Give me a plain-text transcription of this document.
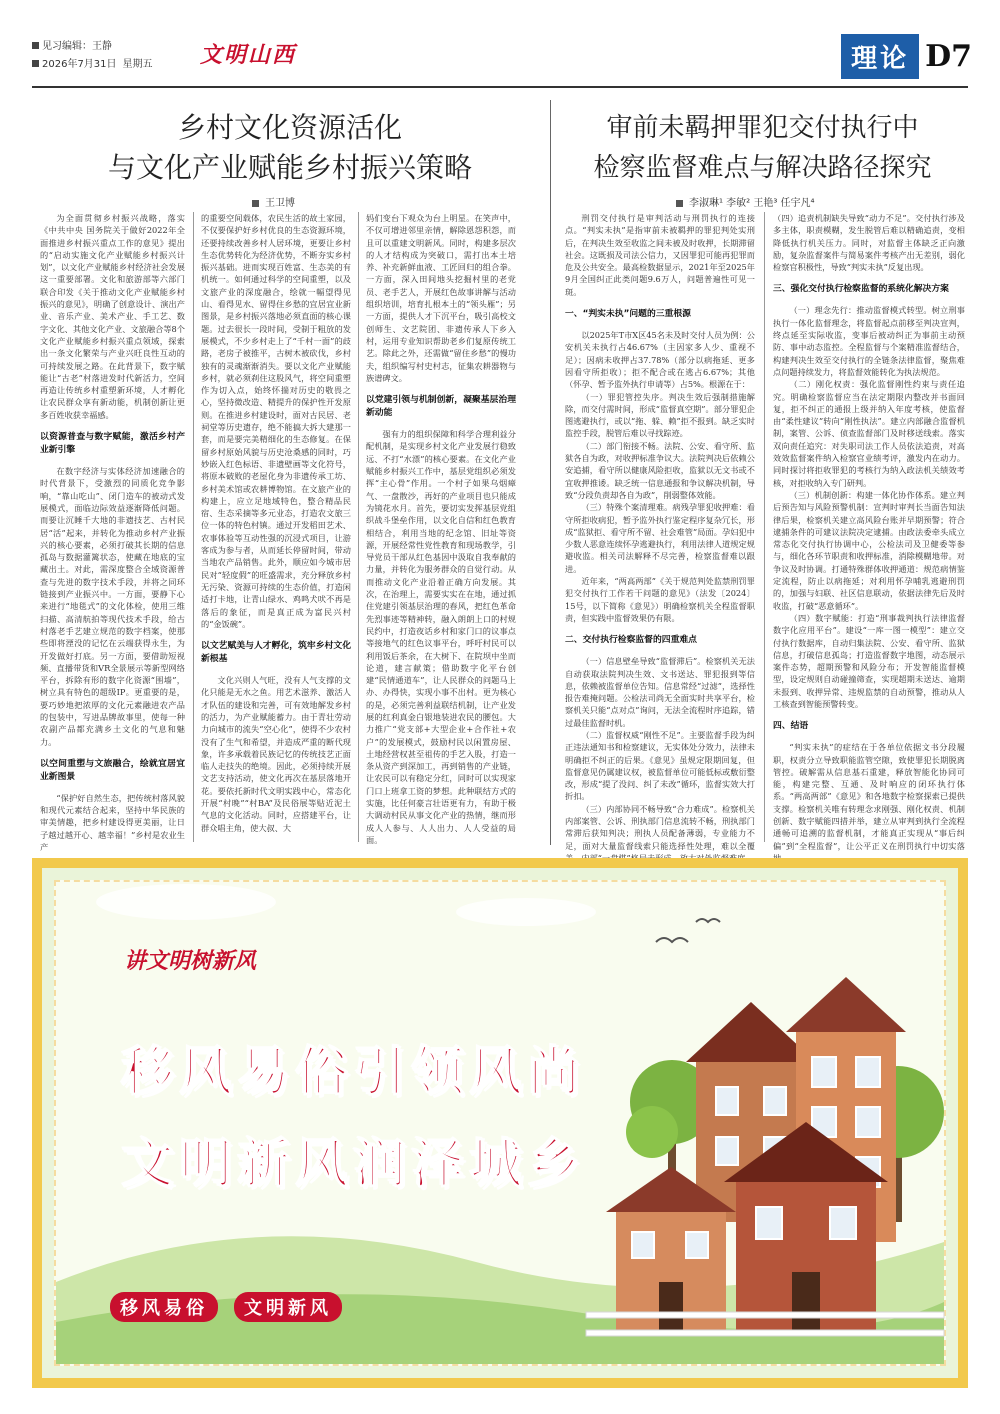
见习编辑：王静
2026年7月31日 星期五 文明山西	理论 D7
乡村文化资源活化
与文化产业赋能乡村振兴策略
王卫博

为全面贯彻乡村振兴战略，落实《中共中央 国务院关于做好2022年全面推进乡村振兴重点工作的意见》提出的“启动实施文化产业赋能乡村振兴计划”，以文化产业赋能乡村经济社会发展这一重要部署。文化和旅游部等六部门联合印发《关于推动文化产业赋能乡村振兴的意见》，明确了创意设计、演出产业、音乐产业、美术产业、手工艺、数字文化、其他文化产业、文旅融合等8个文化产业赋能乡村振兴重点领域，探索出一条文化繁荣与产业兴旺良性互动的可持续发展之路。在此背景下，数字赋能让“古老”村落进发时代新活力，空间再造让传统乡村重塑新环境，人才孵化让农民群众享有新动能，机制创新让更多百姓收获幸福感。

以资源普查与数字赋能，激活乡村产业新引擎

在数字经济与实体经济加速融合的时代背景下，受激烈的同质化竞争影响，“靠山吃山”、闭门造车的被动式发展模式，面临边际效益逐渐降低问题。而要让沉睡千大地的非遗技艺、古村民居“活”起来，并转化为推动乡村产业振兴的核心要素，必须打破其长期的信息孤岛与数据灌篱状态，使藏在地底的宝藏出土。对此，需深度整合全域资源普查与先进的数字技术手段，并将之同环链接到产业振兴中。一方面，要静下心来进行“地毯式”的文化体检，使用三维扫描、高清航拍等现代技术手段，给古村落老手艺建立规范的数字档案，使那些即将湮没的记忆在云端获得永生，为开发做好打底。另一方面，要借助短视频、直播带货和VR全景展示等新型网络平台，拆除有形的数字化资源“围墙”，树立具有特色的超级IP。更重要的是，要巧妙地把浓厚的文化元素融进农产品的包装中，写进品牌故事里，使每一种农副产品都充满乡土文化的气息和魅力。

以空间重塑与文旅融合，绘就宜居宜业新图景

“保护好自然生态，把传统村落风貌和现代元素结合起来，坚持中华民族的审美情趣，把乡村建设得更美丽，让日子越过越开心、越幸福！”乡村是农业生产

的重要空间载体，农民生活的故土家园，不仅要保护好乡村优良的生态资源环境，还要持续改善乡村人居环境，更要让乡村生态优势转化为经济优势，不断夯实乡村振兴基础。进而实现百姓富、生态美的有机统一。如何通过科学的空间重塑，以及文旅产业的深度融合，绘就一幅望得见山、看得见水、留得住乡愁的宜居宜业新图景，是乡村振兴落地必须直面的核心课题。过去很长一段时间，受制于粗放的发展模式，不少乡村走上了“千村一面”的歧路，老房子被推平，古树木被砍伐，乡村独有的灵魂渐渐消失。要以文化产业赋能乡村，就必须刹住这股风气，将空间重塑作为切入点，始终怀揣对历史的敬畏之心，坚持微改造、精提升的保护性开发原则。在推进乡村建设时，面对古民居、老祠堂等历史遗存，绝不能搞大拆大建那一套，而是要完美精细化的生态修复。在保留乡村原始风貌与历史沧桑感的同时，巧妙嵌入红色标语、非遗壁画等文化符号，将原本破败的老屋化身为非遗传承工坊、乡村美术馆或农耕博物馆。在文旅产业的构建上，应立足地域特色，整合精品民宿、生态采摘等多元业态，打造农文旅三位一体的特色村镇。通过开发稻田艺术、农事体验等互动性强的沉浸式项目，让游客成为参与者，从而延长停留时间，带动当地农产品销售。此外，顺应如今城市居民对“轻度假”的旺盛需求，充分释放乡村无污染、资源可持续的生态价值，打造闲适打卡地，让青山绿水、鸡鸣犬吠不再是落后的象征，而是真正成为富民兴村的“金饭碗”。

以文艺赋美与人才孵化，筑牢乡村文化新根基

文化兴则人气旺，没有人气支撑的文化只能是无水之鱼。用艺术滋养、激活人才队伍的建设和完善，可有效地解发乡村的活力，为产业赋能蓄力。由于青壮劳动力向城市的流失“空心化”，使得不少农村没有了生气和希望，并造成严重的断代现象，许多承载着民族记忆的传统技艺正面临人走技失的绝境。因此，必须持续开展文艺支持活动，使文化再次在基层落地开花。要依托新时代文明实践中心，常态化开展“村晚”“村BA”及民俗展等贴近泥土气息的文化活动。同时，应搭建平台，让群众唱主角，使大叔、大

妈们变台下观众为台上明星。在笑声中，不仅可增进邻里亲情，解除恩怨积怨，而且可以重建文明新风。同时，构建多层次的人才结构成为突破口，需打出本土培养、补充新鲜血液、工匠回归的组合拳。一方面，深入田间地头挖掘村里的老党员、老手艺人，开展红色故事讲解与活动组织培训，培育扎根本土的“领头雁”；另一方面，提供人才下沉平台，吸引高校文创师生、文艺院团、非遗传承人下乡入村，运用专业知识帮助老乡们复原传统工艺。除此之外，还需做“留住乡愁”的慢功夫，组织编写村史村志，征集农耕器物与族谱碑文。

以党建引领与机制创新，凝聚基层治理新动能

强有力的组织保障和科学合理利益分配机制，是实现乡村文化产业发展行稳致远、不打“水漂”的核心要素。在文化产业赋能乡村振兴工作中，基层党组织必须发挥“主心骨”作用。一个村子如果乌烟瘴气、一盘散沙，再好的产业项目也只能成为镜花水月。首先，要切实发挥基层党组织战斗堡垒作用，以文化自信和红色教育相结合，利用当地的纪念馆、旧址等资源，开展经常性党性教育和现场教学，引导党员干部从红色基因中汲取自我奉献的力量，并转化为服务群众的自觉行动。从而推动文化产业沿着正确方向发展。其次，在治理上，需要实实在在地，通过抓住党建引领基层治理的春风，把红色革命先烈事迹等精神转，融入朗朗上口的村规民约中，打造夜话乡村和家门口的议事点等接地气的红色议事平台，呼吁村民可以利用饭后茶余，在大树下、在院坝中坐而论道，建言献策；借助数字化平台创建“民情通道车”，让人民群众的问题马上办、办得快，实现小事不出村。更为核心的是，必须完善利益联结机制，让产业发展的红利真金白银地装进农民的腰包。大力推广“党支部+大型企业+合作社+农户”的发展模式，鼓励村民以闲置房屋、土地经营权甚至祖传的手艺入股，打造一条从资产到深加工，再到销售的产业链，让农民可以有稳定分红，同时可以实现家门口上班拿工资的梦想。此种联结方式的实施，比任何豪言壮语更有力，有助于极大调动村民从事文化产业的热情，继而形成人人参与、人人出力、人人受益的局面。

审前未羁押罪犯交付执行中
检察监督难点与解决路径探究
李淑琳¹ 李敏² 王艳³ 任宇凡⁴

刑罚交付执行是审判活动与刑罚执行的连接点。“判实未执”是指审前未被羁押的罪犯判处实刑后，在判决生效至收监之间未被及时收押，长期滞留社会。这既损及司法公信力，又因罪犯可能再犯罪而危及公共安全。最高检数据显示，2021年至2025年9月全国纠正此类问题9.6万人，问题普遍性可见一斑。

一、“判实未执”问题的三重根源

以2025年T市X区45名未及时交付人员为例：公安机关未执行占46.67%（主因家多人少、重视不足）；因病未收押占37.78%（部分以病拖延、更多因看守所拒收）；拒不配合或在逃占6.67%；其他（怀孕、暂予监外执行申请等）占5%。根源在于：

（一）罪犯管控失序。判决生效后强制措施解除，而交付需时间，形成“监督真空期”。部分罪犯企图逃避执行，或以“拖、躲、赖”拒不报到。缺乏实时监控手段，脱管后难以寻找踪迹。

（二）部门衔接不畅。法院、公安、看守所、监狱各自为政，对收押标准争议大。法院判决后依赖公安追捕，看守所以健康风险拒收，监狱以无文书或不宜收押推诿。缺乏统一信息通报和争议解决机制，导致“分段负责却各自为政”，削弱整体效能。

（三）特殊个案清理难。病残孕罪犯收押难：看守所拒收病犯，暂予监外执行鉴定程序复杂冗长，形成“监狱拒、看守所不留、社会难管”局面。孕妇犯中少数人恶意连续怀孕逃避执行，利用法律人道规定规避收监。相关司法解释不尽完善，检察监督难以跟进。

近年来，“两高两部”《关于规范判处监禁刑罚罪犯交付执行工作若干问题的意见》（法发〔2024〕15号，以下简称《意见》）明确检察机关全程监督职责，但实践中监督效果仍有限。

二、交付执行检察监督的四重难点

（一）信息壁垒导致“监督滞后”。检察机关无法自动获取法院判决生效、文书送达、罪犯报到等信息，依赖被监督单位告知。信息常经“过滤”，选择性报告难掩问题。公检法司尚无全面实时共享平台，检察机关只能“点对点”询问，无法全流程时序追踪，错过最佳监督时机。

（二）监督权威“刚性不足”。主要监督手段为纠正违法通知书和检察建议，无实体处分效力，法律未明确拒不纠正的后果。《意见》虽规定限期回复，但监督意见仍属建议权，被监督单位可能低标或敷衍整改，形成“提了没问、纠了未改”循环，监督实效大打折扣。

（三）内部协同不畅导致“合力难成”。检察机关内部案管、公诉、刑执部门信息流转不畅，刑执部门常滞后获知判决；刑执人员配备薄弱，专业能力不足，面对大量监督线索只能选择性处理，难以全覆

（四）追责机制缺失导致“动力不足”。交付执行涉及多主体，职责模糊，发生脱管后难以精确追责，变相降低执行机关压力。同时，对监督主体缺乏正向激励，复杂监督案件与简易案件考核产出无差别，弱化检察官积极性，导致“判实未执”反复出现。

三、强化交付执行检察监督的系统化解决方案

（一）理念先行：推动监督模式转型。树立刑事执行一体化监督理念，将监督起点前移至判决宣判，终点延至实际收监，变事后被动纠正为事前主动预防、事中动态监控。全程监督与个案精准监督结合，构建判决生效至交付执行的全链条法律监督，聚焦难点问题持续发力，将监督效能转化为执法规范。

（二）刚化权责：强化监督刚性约束与责任追究。明确检察监督应当在法定期限内整改并书面回复，拒不纠正的通报上级并纳入年度考核，使监督由“柔性建议”转向“刚性执法”。建立内部融合监督机制，案管、公诉、侦查监督部门及时移送线索。落实双向责任追究：对失职司法工作人员依法追责，对高效效监督案件纳入检察官业绩考评，激发内在动力。同时探讨将拒收罪犯的考核行为纳入政法机关绩效考核，对拒收纳入专门研判。

（三）机制创新：构建一体化协作体系。建立判后预告知与风险预警机制：宣判时审判长当面告知法律后果，检察机关建立高风险台账并早期预警；符合逮捕条件的可建议法院决定逮捕。由政法委牵头成立常态化交付执行协调中心，公检法司及卫健委等参与，细化各环节职责和收押标准，消除模糊地带。对争议及时协调。打通特殊群体收押通道：规范病情鉴定流程，防止以病拖延；对利用怀孕哺乳逃避刑罚的，加强与妇联、社区信息联动，依据法律先后及时收监，打破“恶意循环”。

（四）数字赋能：打造“刑事裁判执行法律监督数字化应用平台”。建设“一库一图一模型”：建立交付执行数据库，自动归集法院、公安、看守所、监狱信息，打破信息孤岛；打造监督数字地图，动态展示案件态势，超期预警和风险分布；开发智能监督模型，设定规则自动碰撞筛查，实现超期未送达、逾期未报到、收押异常、违规监禁的自动预警，推动从人工核查到智能预警转变。

四、结语

“判实未执”的症结在于各单位依据文书分段履职，权责分立导致职能监管空隙，致使罪犯长期脱离管控。破解需从信息基石重建，释放智能化协同可能，构建完整、互通、及时响应的闭环执行体系。“两高两部”《意见》和各地数字检察探索已提供支撑。检察机关唯有转理念求刚强、刚化权责、机制创新、数字赋能四措并举，建立从审判到执行全流程通畅可追溯的监督机制，才能真正实现从“事后纠偏”到“全程监督”，让公平正义在刑罚执行中切实落

讲文明树新风
移风易俗引领风尚
文明新风润泽城乡
移风易俗	文明新风
